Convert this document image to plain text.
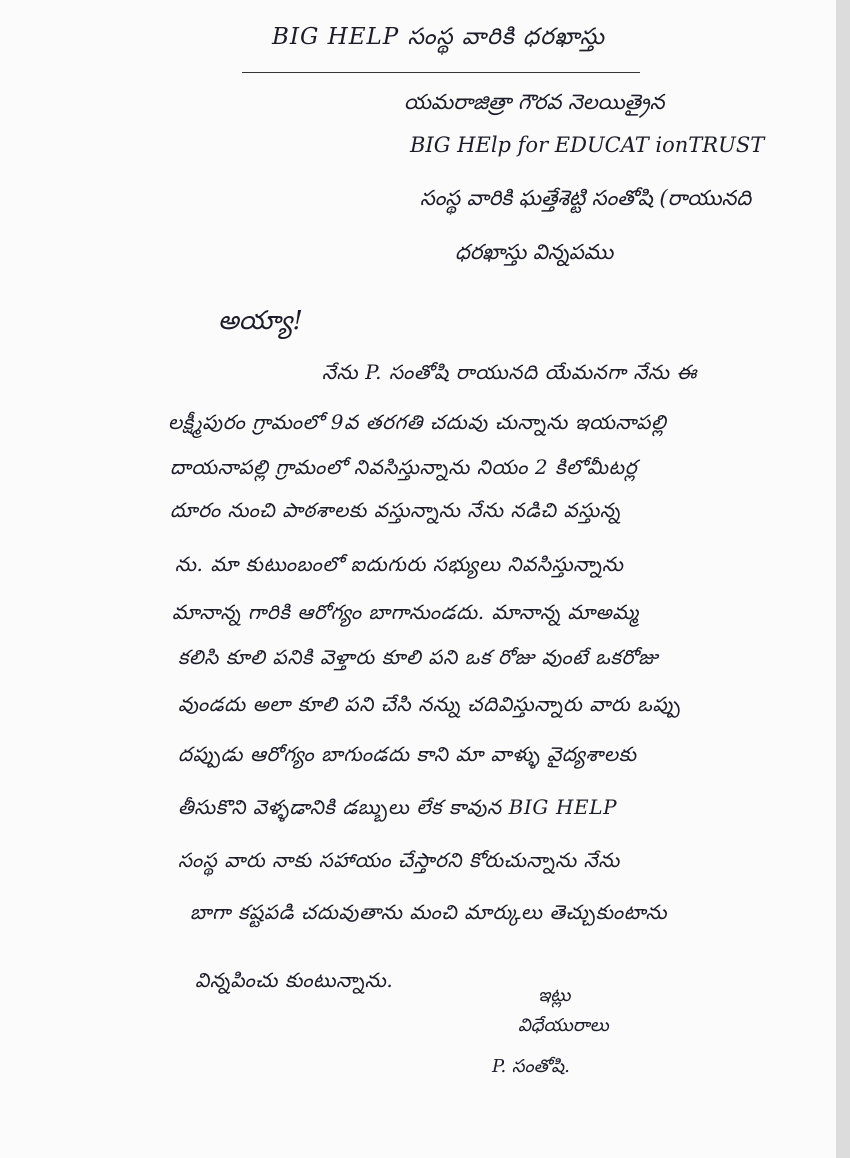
BIG HELP సంస్థ వారికి ధరఖాస్తు
యమరాజిత్రా గౌరవ నెలయిత్రైన
BIG HElp for EDUCAT ionTRUST
సంస్థ వారికి ఘత్తేశెట్టి సంతోషి (రాయునది
ధరఖాస్తు విన్నపము
అయ్యా!
నేను P. సంతోషి రాయునది యేమనగా నేను ఈ
లక్ష్మీపురం గ్రామంలో 9వ తరగతి చదువు చున్నాను ఇయనాపల్లి
దాయనాపల్లి గ్రామంలో నివసిస్తున్నాను నియం 2 కిలోమీటర్ల
దూరం నుంచి పాఠశాలకు వస్తున్నాను నేను నడిచి వస్తున్న
ను. మా కుటుంబంలో ఐదుగురు సభ్యులు నివసిస్తున్నాను
మానాన్న గారికి ఆరోగ్యం బాగానుండదు. మానాన్న మాఅమ్మ
కలిసి కూలి పనికి వెళ్తారు కూలి పని ఒక రోజు వుంటే ఒకరోజు
వుండదు అలా కూలి పని చేసి నన్ను చదివిస్తున్నారు వారు ఒప్పు
దప్పుడు ఆరోగ్యం బాగుండదు కాని మా వాళ్ళు వైద్యశాలకు
తీసుకొని వెళ్ళడానికి డబ్బులు లేక కావున BIG HELP
సంస్థ వారు నాకు సహాయం చేస్తారని కోరుచున్నాను నేను
బాగా కష్టపడి చదువుతాను మంచి మార్కులు తెచ్చుకుంటాను
విన్నపించు కుంటున్నాను.
ఇట్లు
విధేయురాలు
P. సంతోషి.
